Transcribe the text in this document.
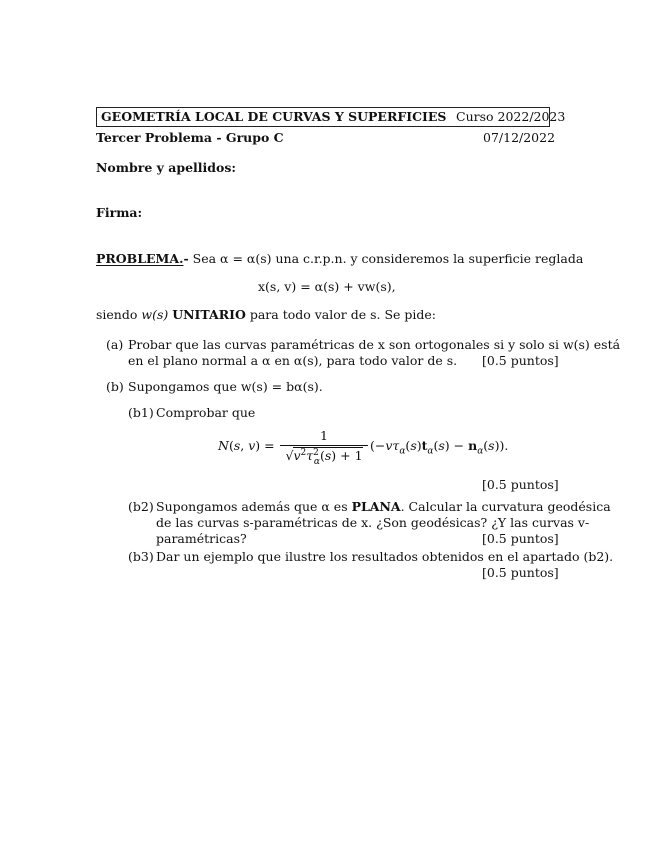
GEOMETRÍA LOCAL DE CURVAS Y SUPERFICIES Curso 2022/2023
Tercer Problema - Grupo C	07/12/2022
Nombre y apellidos:
Firma:
PROBLEMA.- Sea α = α(s) una c.r.p.n. y consideremos la superficie reglada
x(s, v) = α(s) + vw(s),
siendo w(s) UNITARIO para todo valor de s. Se pide:
(a) Probar que las curvas paramétricas de x son ortogonales si y solo si w(s) está
en el plano normal a α en α(s), para todo valor de s. [0.5 puntos]
(b) Supongamos que w(s) = bα(s).
(b1) Comprobar que
N(s, v) =
1
$√v^2\tau^2_\alpha(s) + 1$
$(-v\tau_\alpha(s)t_\alpha(s) - n_\alpha(s))$.
[0.5 puntos]
(b2) Supongamos además que α es PLANA. Calcular la curvatura geodésica
de las curvas s-paramétricas de x. ¿Son geodésicas? ¿Y las curvas v-
paramétricas?	[0.5 puntos]
(b3) Dar un ejemplo que ilustre los resultados obtenidos en el apartado (b2).
[0.5 puntos]
